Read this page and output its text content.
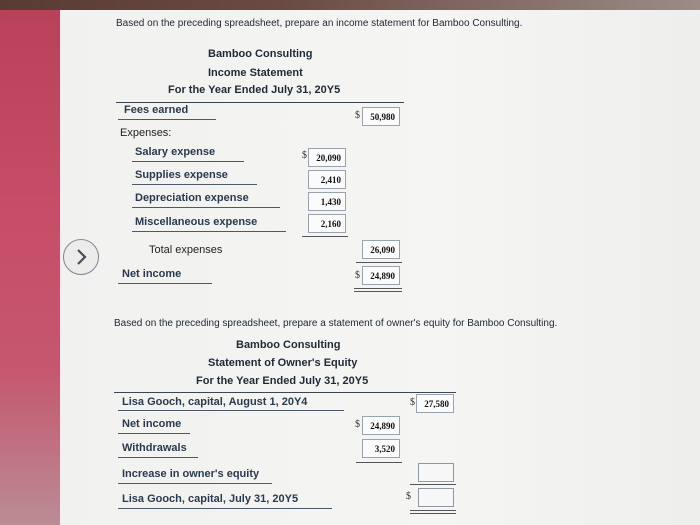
Based on the preceding spreadsheet, prepare an income statement for Bamboo Consulting.
Bamboo Consulting
Income Statement
For the Year Ended July 31, 20Y5
Fees earned	$	50,980
Expenses:
Salary expense	$	20,090
Supplies expense	2,410
Depreciation expense	1,430
Miscellaneous expense	2,160
Total expenses	26,090
Net income	$	24,890
Based on the preceding spreadsheet, prepare a statement of owner's equity for Bamboo Consulting.
Bamboo Consulting
Statement of Owner's Equity
For the Year Ended July 31, 20Y5
Lisa Gooch, capital, August 1, 20Y4	$	27,580
Net income	$	24,890
Withdrawals	3,520
Increase in owner's equity
Lisa Gooch, capital, July 31, 20Y5	$
